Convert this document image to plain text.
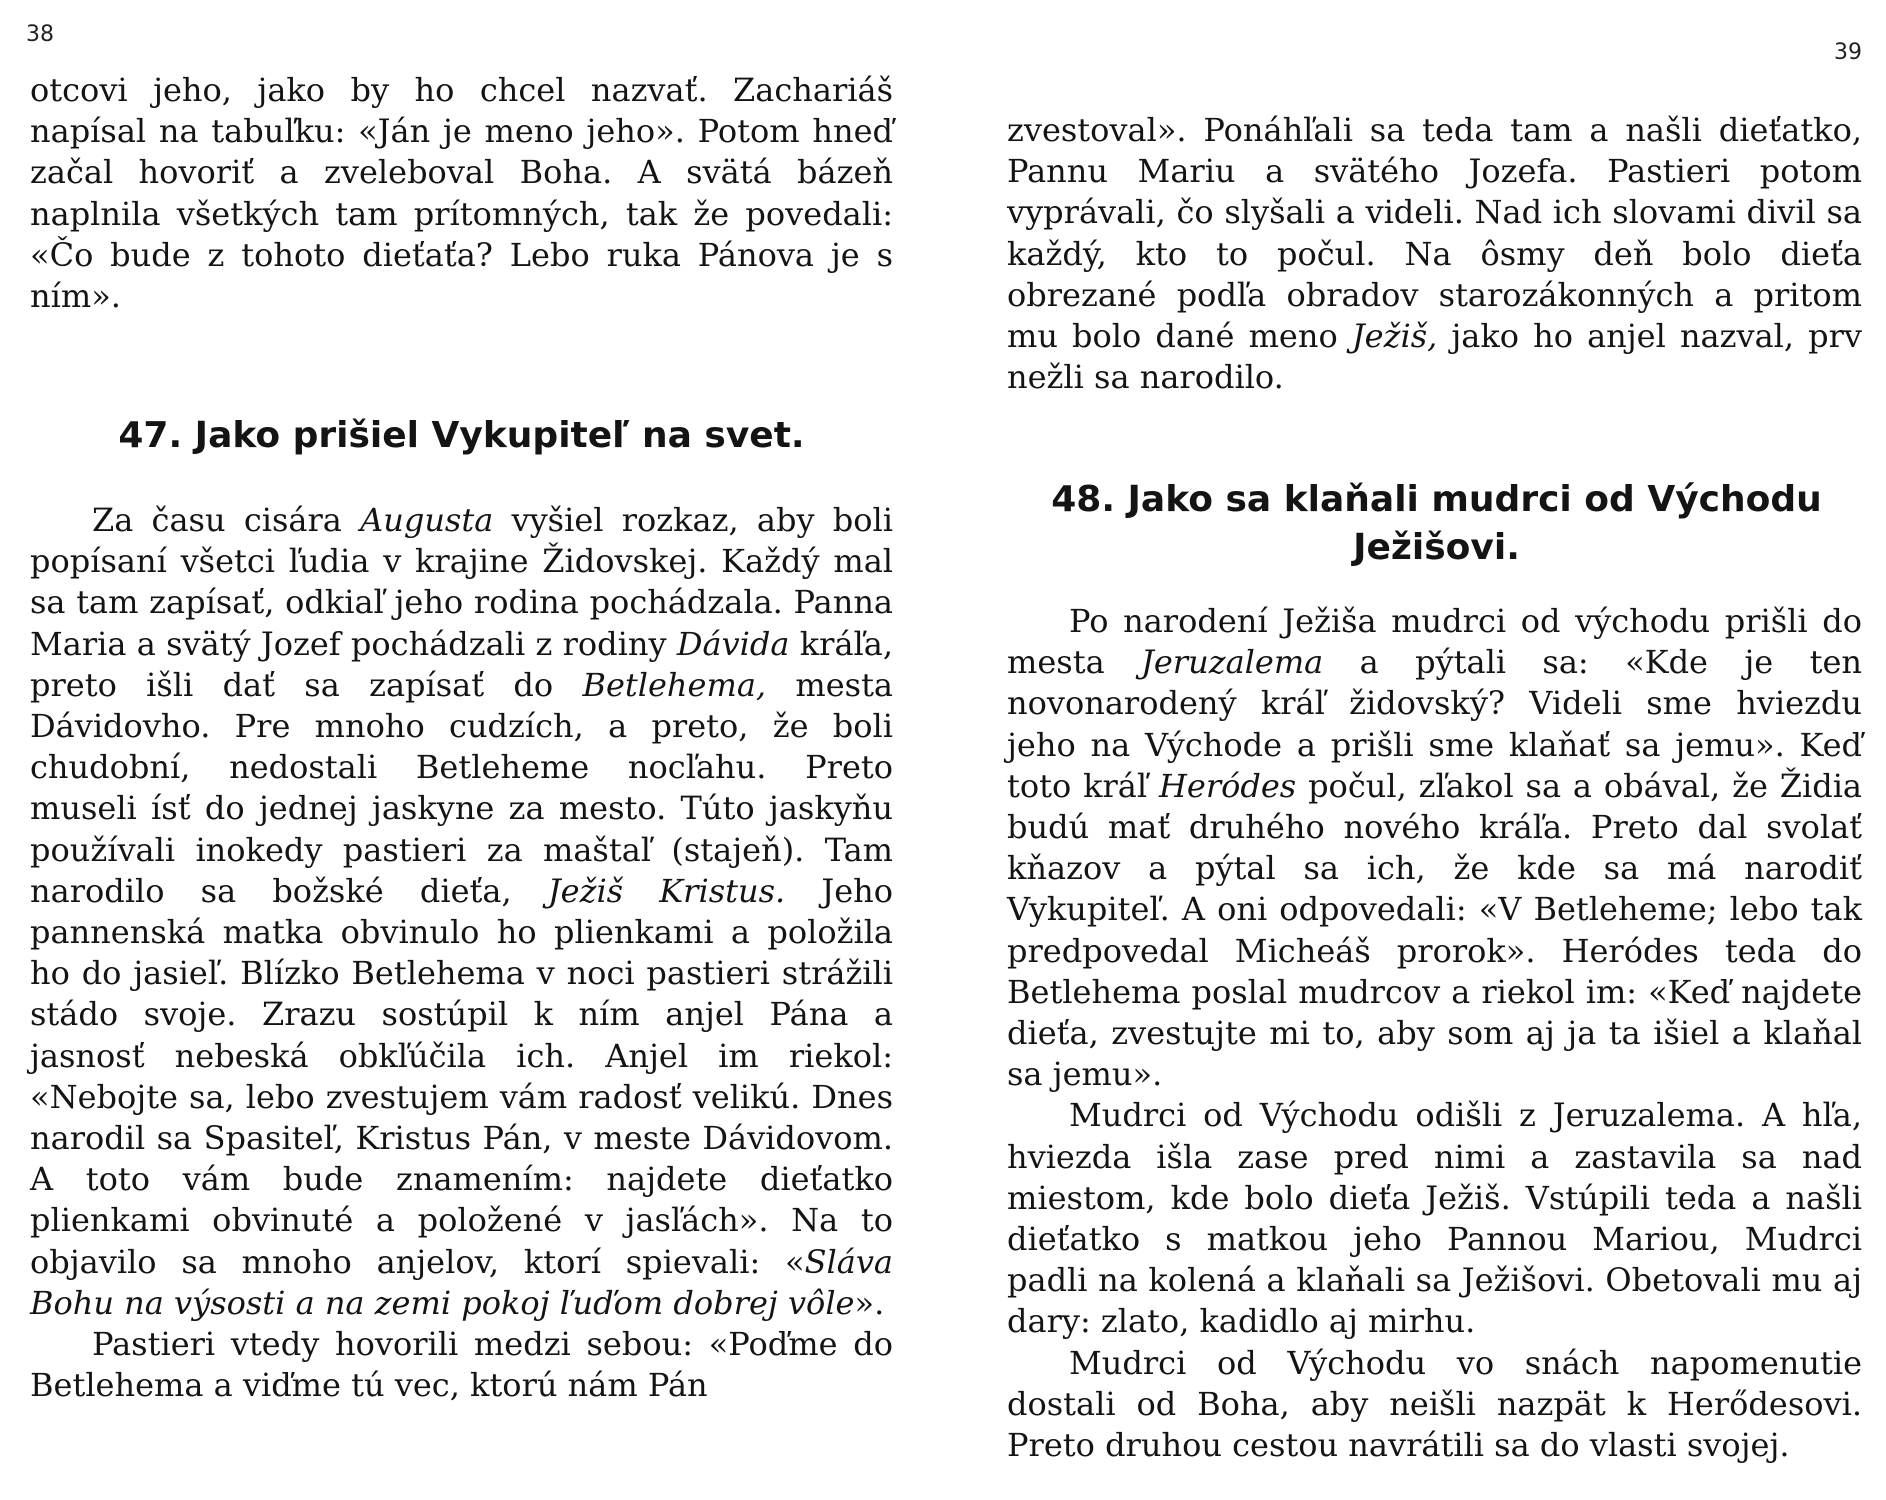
38

otcovi jeho, jako by ho chcel nazvať. Zachariáš napísal na tabuľku: «Ján je meno jeho». Potom hneď začal hovoriť a zveleboval Boha. A svätá bázeň naplnila všetkých tam prítomných, tak že povedali: «Čo bude z tohoto dieťaťa? Lebo ruka Pánova je s ním».

47. Jako prišiel Vykupiteľ na svet.

Za času cisára Augusta vyšiel rozkaz, aby boli popísaní všetci ľudia v krajine Židovskej. Každý mal sa tam zapísať, odkiaľ jeho rodina pochádzala. Panna Maria a svätý Jozef pochádzali z rodiny Dávida kráľa, preto išli dať sa zapísať do Betlehema, mesta Dávidovho. Pre mnoho cudzích, a preto, že boli chudobní, nedostali Betleheme nocľahu. Preto museli ísť do jednej jaskyne za mesto. Túto jaskyňu používali inokedy pastieri za maštaľ (stajeň). Tam narodilo sa božské dieťa, Ježiš Kristus. Jeho pannenská matka obvinulo ho plienkami a položila ho do jasieľ. Blízko Betlehema v noci pastieri strážili stádo svoje. Zrazu sostúpil k ním anjel Pána a jasnosť nebeská obkľúčila ich. Anjel im riekol: «Nebojte sa, lebo zvestujem vám radosť velikú. Dnes narodil sa Spasiteľ, Kristus Pán, v meste Dávidovom. A toto vám bude znamením: najdete dieťatko plienkami obvinuté a položené v jasľách». Na to objavilo sa mnoho anjelov, ktorí spievali: «Sláva Bohu na výsosti a na zemi pokoj ľuďom dobrej vôle».

Pastieri vtedy hovorili medzi sebou: «Poďme do Betlehema a viďme tú vec, ktorú nám Pán

39

zvestoval». Ponáhľali sa teda tam a našli dieťatko, Pannu Mariu a svätého Jozefa. Pastieri potom vyprávali, čo slyšali a videli. Nad ich slovami divil sa každý, kto to počul. Na ôsmy deň bolo dieťa obrezané podľa obradov starozákonných a pritom mu bolo dané meno Ježiš, jako ho anjel nazval, prv nežli sa narodilo.

48. Jako sa klaňali mudrci od Východu
Ježišovi.

Po narodení Ježiša mudrci od východu prišli do mesta Jeruzalema a pýtali sa: «Kde je ten novonarodený kráľ židovský? Videli sme hviezdu jeho na Východe a prišli sme klaňať sa jemu». Keď toto kráľ Heródes počul, zľakol sa a obával, že Židia budú mať druhého nového kráľa. Preto dal svolať kňazov a pýtal sa ich, že kde sa má narodiť Vykupiteľ. A oni odpovedali: «V Betleheme; lebo tak predpovedal Micheáš prorok». Heródes teda do Betlehema poslal mudrcov a riekol im: «Keď najdete dieťa, zvestujte mi to, aby som aj ja ta išiel a klaňal sa jemu».

Mudrci od Východu odišli z Jeruzalema. A hľa, hviezda išla zase pred nimi a zastavila sa nad miestom, kde bolo dieťa Ježiš. Vstúpili teda a našli dieťatko s matkou jeho Pannou Mariou, Mudrci padli na kolená a klaňali sa Ježišovi. Obetovali mu aj dary: zlato, kadidlo aj mirhu.

Mudrci od Východu vo snách napomenutie dostali od Boha, aby neišli nazpät k Herődesovi. Preto druhou cestou navrátili sa do vlasti svojej.
